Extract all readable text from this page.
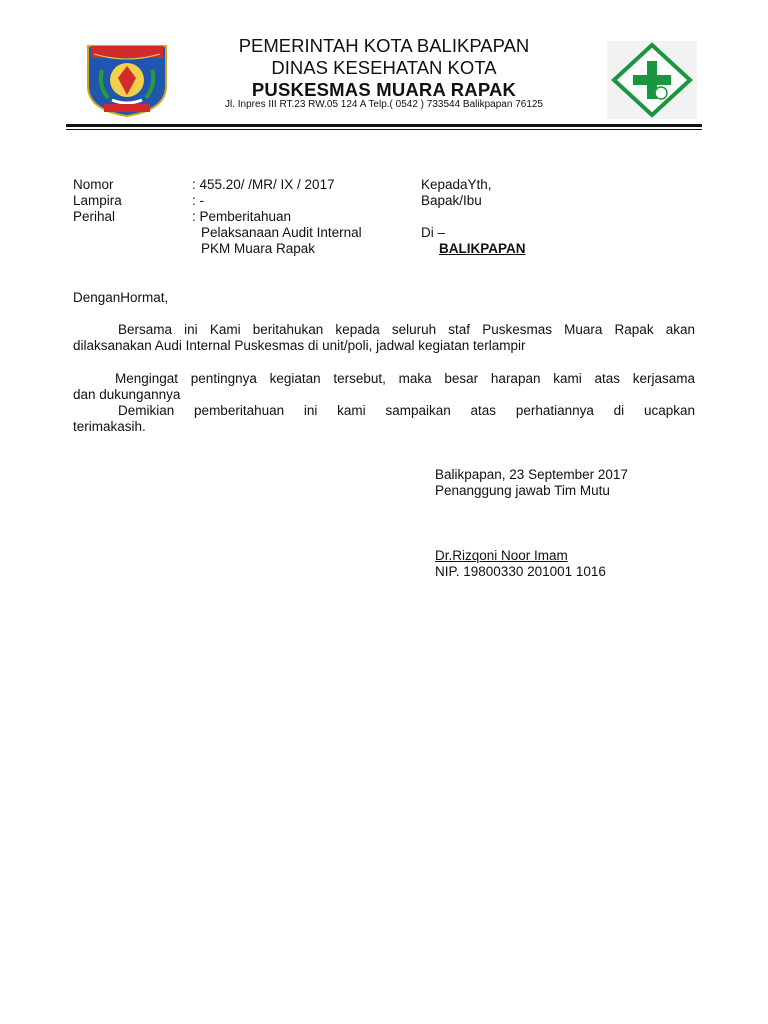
PEMERINTAH KOTA BALIKPAPAN
DINAS KESEHATAN KOTA
PUSKESMAS MUARA RAPAK
Jl. Inpres III RT.23 RW.05 124 A Telp.( 0542 ) 733544 Balikpapan 76125
Nomor	: 455.20/ /MR/ IX / 2017
Lampira	: -
Perihal	: Pemberitahuan
Pelaksanaan Audit Internal
PKM Muara Rapak
KepadaYth,
Bapak/Ibu
Di –
BALIKPAPAN
DenganHormat,
Bersama ini Kami beritahukan kepada seluruh staf Puskesmas Muara Rapak akan
dilaksanakan Audi Internal Puskesmas di unit/poli, jadwal kegiatan terlampir
Mengingat pentingnya kegiatan tersebut, maka besar harapan kami atas kerjasama
dan dukungannya
Demikian pemberitahuan ini kami sampaikan atas perhatiannya di ucapkan
terimakasih.
Balikpapan, 23 September 2017
Penanggung jawab Tim Mutu
Dr.Rizqoni Noor Imam
NIP. 19800330 201001 1016
